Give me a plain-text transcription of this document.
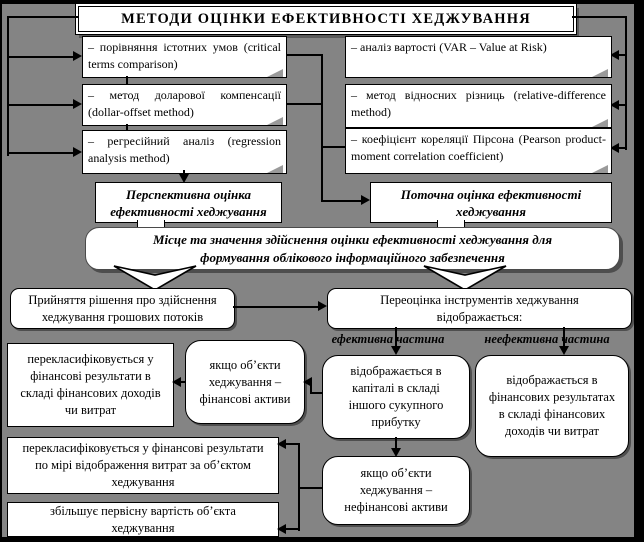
МЕТОДИ ОЦІНКИ ЕФЕКТИВНОСТІ ХЕДЖУВАННЯ
– порівняння істотних умов (critical terms comparison)
– метод доларової компенсації (dollar-offset method)
– регресійний аналіз (regression analysis method)
– аналіз вартості (VAR – Value at Risk)
– метод відносних різниць (relative-difference method)
– коефіцієнт кореляції Пірсона (Pearson product-moment correlation coefficient)
Перспективна оцінка ефективності хеджування
Поточна оцінка ефективності хеджування
Місце та значення здійснення оцінки ефективності хеджування для формування облікового інформаційного забезпечення
Прийняття рішення про здійснення хеджування грошових потоків
Переоцінка інструментів хеджування відображається:
ефективна частина	неефективна частина
перекласифіковується у фінансові результати в складі фінансових доходів чи витрат
якщо об’єкти хеджування – фінансові активи
відображається в капіталі в складі іншого сукупного прибутку
відображається в фінансових результатах в складі фінансових доходів чи витрат
якщо об’єкти хеджування – нефінансові активи
перекласифіковується у фінансові результати по мірі відображення витрат за об’єктом хеджування
збільшує первісну вартість об’єкта хеджування
